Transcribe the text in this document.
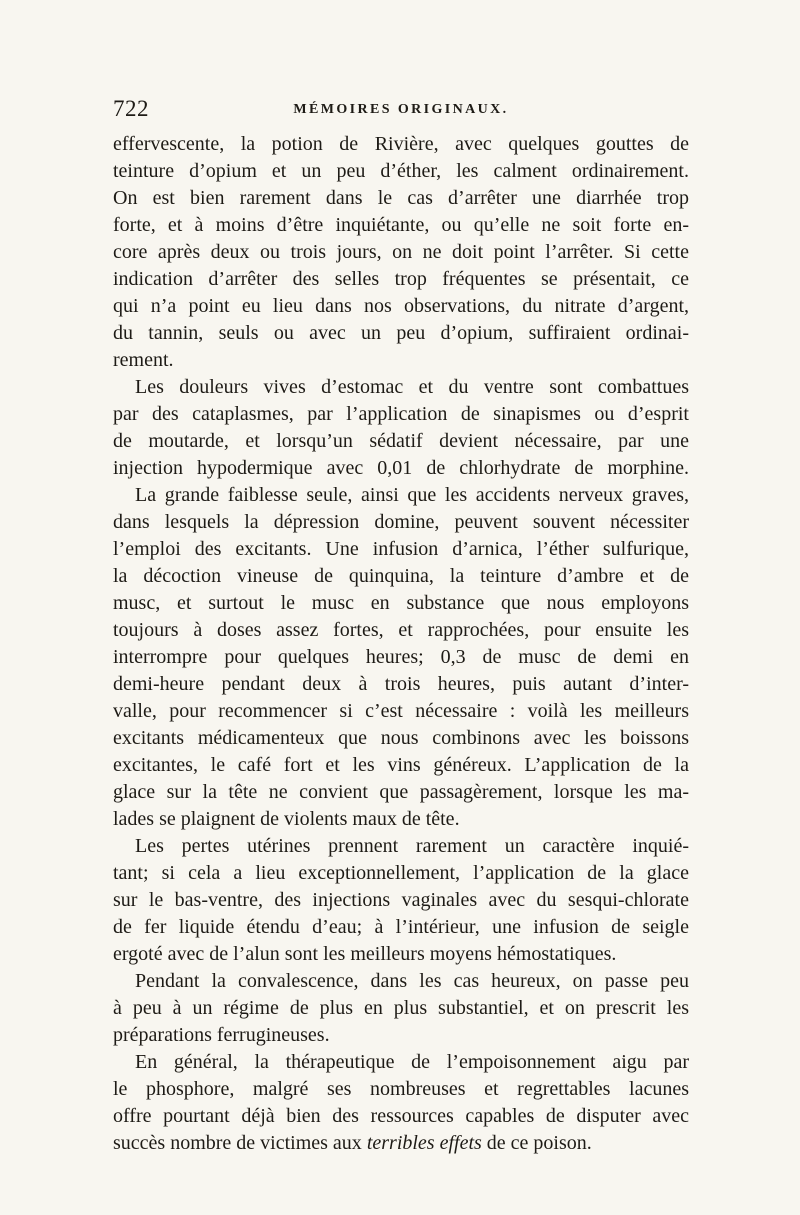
722	MÉMOIRES ORIGINAUX.
effervescente, la potion de Rivière, avec quelques gouttes de
teinture d’opium et un peu d’éther, les calment ordinairement.
On est bien rarement dans le cas d’arrêter une diarrhée trop
forte, et à moins d’être inquiétante, ou qu’elle ne soit forte en-
core après deux ou trois jours, on ne doit point l’arrêter. Si cette
indication d’arrêter des selles trop fréquentes se présentait, ce
qui n’a point eu lieu dans nos observations, du nitrate d’argent,
du tannin, seuls ou avec un peu d’opium, suffiraient ordinai-
rement.
Les douleurs vives d’estomac et du ventre sont combattues
par des cataplasmes, par l’application de sinapismes ou d’esprit
de moutarde, et lorsqu’un sédatif devient nécessaire, par une
injection hypodermique avec 0,01 de chlorhydrate de morphine.
La grande faiblesse seule, ainsi que les accidents nerveux graves,
dans lesquels la dépression domine, peuvent souvent nécessiter
l’emploi des excitants. Une infusion d’arnica, l’éther sulfurique,
la décoction vineuse de quinquina, la teinture d’ambre et de
musc, et surtout le musc en substance que nous employons
toujours à doses assez fortes, et rapprochées, pour ensuite les
interrompre pour quelques heures; 0,3 de musc de demi en
demi-heure pendant deux à trois heures, puis autant d’inter-
valle, pour recommencer si c’est nécessaire : voilà les meilleurs
excitants médicamenteux que nous combinons avec les boissons
excitantes, le café fort et les vins généreux. L’application de la
glace sur la tête ne convient que passagèrement, lorsque les ma-
lades se plaignent de violents maux de tête.
Les pertes utérines prennent rarement un caractère inquié-
tant; si cela a lieu exceptionnellement, l’application de la glace
sur le bas-ventre, des injections vaginales avec du sesqui-chlorate
de fer liquide étendu d’eau; à l’intérieur, une infusion de seigle
ergoté avec de l’alun sont les meilleurs moyens hémostatiques.
Pendant la convalescence, dans les cas heureux, on passe peu
à peu à un régime de plus en plus substantiel, et on prescrit les
préparations ferrugineuses.
En général, la thérapeutique de l’empoisonnement aigu par
le phosphore, malgré ses nombreuses et regrettables lacunes
offre pourtant déjà bien des ressources capables de disputer avec
succès nombre de victimes aux terribles effets de ce poison.
